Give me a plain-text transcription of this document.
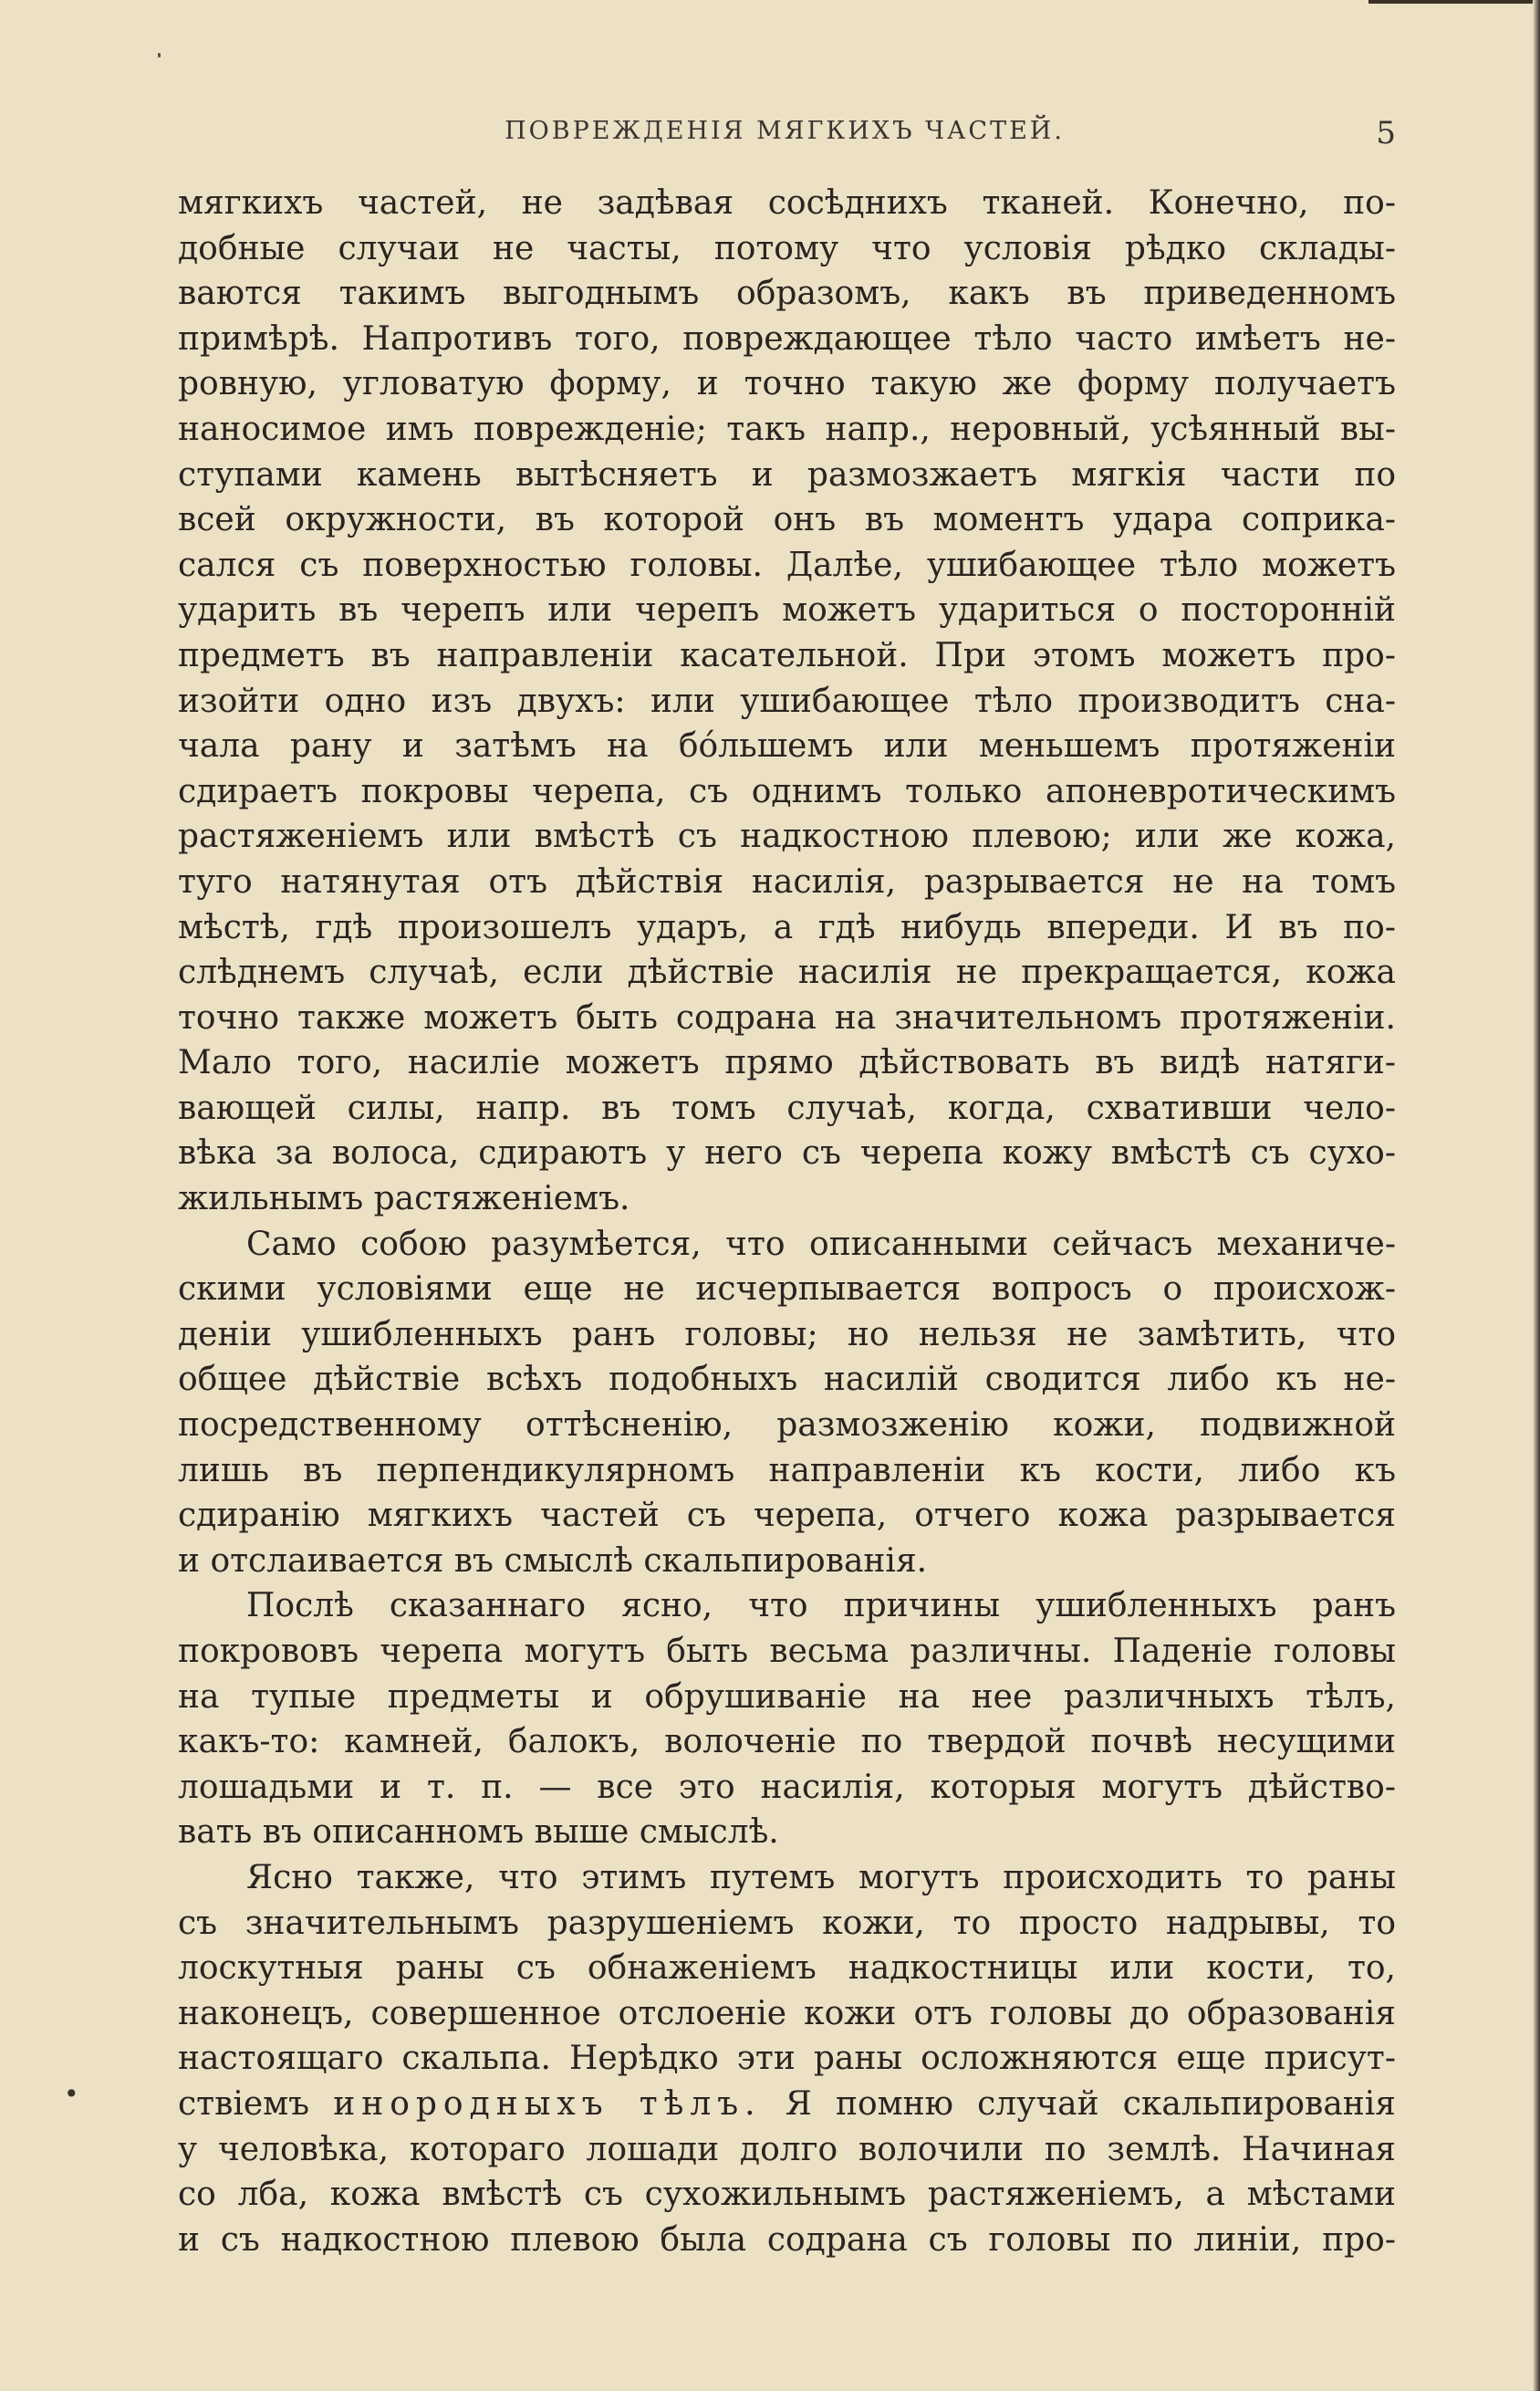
ПОВРЕЖДЕНІЯ МЯГКИХЪ ЧАСТЕЙ.	5
•
мягкихъ частей, не задѣвая сосѣднихъ тканей. Конечно, по-
добные случаи не часты, потому что условія рѣдко склады-
ваются такимъ выгоднымъ образомъ, какъ въ приведенномъ
примѣрѣ. Напротивъ того, повреждающее тѣло часто имѣетъ не-
ровную, угловатую форму, и точно такую же форму получаетъ
наносимое имъ поврежденіе; такъ напр., неровный, усѣянный вы-
ступами камень вытѣсняетъ и размозжаетъ мягкія части по
всей окружности, въ которой онъ въ моментъ удара соприка-
сался съ поверхностью головы. Далѣе, ушибающее тѣло можетъ
ударить въ черепъ или черепъ можетъ удариться о посторонній
предметъ въ направленіи касательной. При этомъ можетъ про-
изойти одно изъ двухъ: или ушибающее тѣло производитъ сна-
чала рану и затѣмъ на бóльшемъ или меньшемъ протяженіи
сдираетъ покровы черепа, съ однимъ только апоневротическимъ
растяженіемъ или вмѣстѣ съ надкостною плевою; или же кожа,
туго натянутая отъ дѣйствія насилія, разрывается не на томъ
мѣстѣ, гдѣ произошелъ ударъ, а гдѣ нибудь впереди. И въ по-
слѣднемъ случаѣ, если дѣйствіе насилія не прекращается, кожа
точно также можетъ быть содрана на значительномъ протяженіи.
Мало того, насиліе можетъ прямо дѣйствовать въ видѣ натяги-
вающей силы, напр. въ томъ случаѣ, когда, схвативши чело-
вѣка за волоса, сдираютъ у него съ черепа кожу вмѣстѣ съ сухо-
жильнымъ растяженіемъ.
Само собою разумѣется, что описанными сейчасъ механиче-
скими условіями еще не исчерпывается вопросъ о происхож-
деніи ушибленныхъ ранъ головы; но нельзя не замѣтить, что
общее дѣйствіе всѣхъ подобныхъ насилій сводится либо къ не-
посредственному оттѣсненію, размозженію кожи, подвижной
лишь въ перпендикулярномъ направленіи къ кости, либо къ
сдиранію мягкихъ частей съ черепа, отчего кожа разрывается
и отслаивается въ смыслѣ скальпированія.
Послѣ сказаннаго ясно, что причины ушибленныхъ ранъ
покрововъ черепа могутъ быть весьма различны. Паденіе головы
на тупые предметы и обрушиваніе на нее различныхъ тѣлъ,
какъ-то: камней, балокъ, волоченіе по твердой почвѣ несущими
лошадьми и т. п. — все это насилія, которыя могутъ дѣйство-
вать въ описанномъ выше смыслѣ.
Ясно также, что этимъ путемъ могутъ происходить то раны
съ значительнымъ разрушеніемъ кожи, то просто надрывы, то
лоскутныя раны съ обнаженіемъ надкостницы или кости, то,
наконецъ, совершенное отслоеніе кожи отъ головы до образованія
настоящаго скальпа. Нерѣдко эти раны осложняются еще присут-
ствіемъ инородныхъ тѣлъ. Я помню случай скальпированія
у человѣка, котораго лошади долго волочили по землѣ. Начиная
со лба, кожа вмѣстѣ съ сухожильнымъ растяженіемъ, а мѣстами
и съ надкостною плевою была содрана съ головы по линіи, про-
